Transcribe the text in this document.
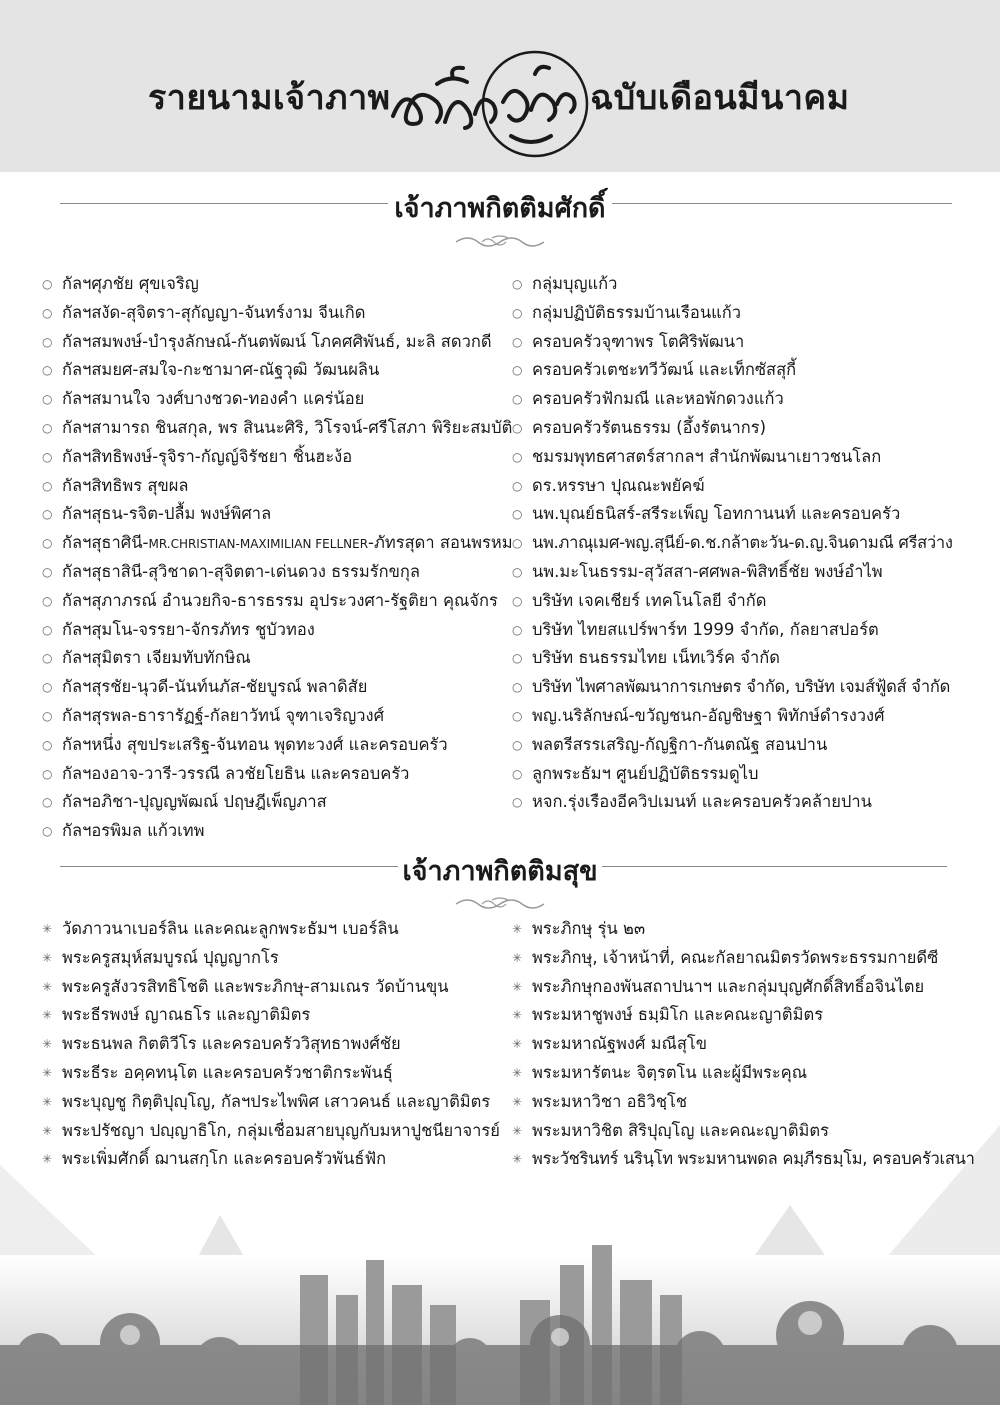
รายนามเจ้าภาพ	ฉบับเดือนมีนาคม
เจ้าภาพกิตติมศักดิ์
○ กัลฯศุภชัย ศุขเจริญ
○ กัลฯสงัด-สุจิตรา-สุกัญญา-จันทร์งาม จีนเกิด
○ กัลฯสมพงษ์-บำรุงลักษณ์-กันตพัฒน์ โภคศศิพันธ์, มะลิ สดวกดี
○ กัลฯสมยศ-สมใจ-กะชามาศ-ณัฐวุฒิ วัฒนผลิน
○ กัลฯสมานใจ วงศ์บางชวด-ทองคำ แคร่น้อย
○ กัลฯสามารถ ชินสกุล, พร สินนะศิริ, วิโรจน์-ศรีโสภา พิริยะสมบัติ
○ กัลฯสิทธิพงษ์-รุจิรา-กัญญ์จิรัชยา ชิ้นฮะง้อ
○ กัลฯสิทธิพร สุขผล
○ กัลฯสุธน-รจิต-ปลื้ม พงษ์พิศาล
○ กัลฯสุธาศินี-MR.CHRISTIAN-MAXIMILIAN FELLNER-ภัทรสุดา สอนพรหม
○ กัลฯสุธาสินี-สุวิชาดา-สุจิตตา-เด่นดวง ธรรมรักขกุล
○ กัลฯสุภาภรณ์ อำนวยกิจ-ธารธรรม อุประวงศา-รัฐติยา คุณจักร
○ กัลฯสุมโน-จรรยา-จักรภัทร ชูบัวทอง
○ กัลฯสุมิตรา เจียมทับทักษิณ
○ กัลฯสุรชัย-นุวดี-นันท์นภัส-ชัยบูรณ์ พลาดิสัย
○ กัลฯสุรพล-ธารารัฏฐ์-กัลยาวัทน์ จุฑาเจริญวงศ์
○ กัลฯหนึ่ง สุขประเสริฐ-จันทอน พุดทะวงศ์ และครอบครัว
○ กัลฯองอาจ-วารี-วรรณี ลวชัยโยธิน และครอบครัว
○ กัลฯอภิชา-ปุญญพัฒณ์ ปฤษฎีเพ็ญภาส
○ กัลฯอรพิมล แก้วเทพ
○ กลุ่มบุญแก้ว
○ กลุ่มปฏิบัติธรรมบ้านเรือนแก้ว
○ ครอบครัวจุฑาพร โตศิริพัฒนา
○ ครอบครัวเตชะทวีวัฒน์ และเท็กซัสสุกี้
○ ครอบครัวฟักมณี และหอพักดวงแก้ว
○ ครอบครัวรัตนธรรม (อึ้งรัตนากร)
○ ชมรมพุทธศาสตร์สากลฯ สำนักพัฒนาเยาวชนโลก
○ ดร.หรรษา ปุณณะพยัคฆ์
○ นพ.บุณย์ธนิสร์-สรีระเพ็ญ โอทกานนท์ และครอบครัว
○ นพ.ภาณุเมศ-พญ.สุนีย์-ด.ช.กล้าตะวัน-ด.ญ.จินดามณี ศรีสว่าง
○ นพ.มะโนธรรม-สุวัสสา-ศศพล-พิสิทธิ์ชัย พงษ์อำไพ
○ บริษัท เจคเชียร์ เทคโนโลยี จำกัด
○ บริษัท ไทยสแปร์พาร์ท 1999 จำกัด, กัลยาสปอร์ต
○ บริษัท ธนธรรมไทย เน็ทเวิร์ค จำกัด
○ บริษัท ไพศาลพัฒนาการเกษตร จำกัด, บริษัท เจมส์ฟู้ดส์ จำกัด
○ พญ.นริลักษณ์-ขวัญชนก-อัญชิษฐา พิทักษ์ดำรงวงศ์
○ พลตรีสรรเสริญ-กัญฐิกา-กันตณัฐ สอนปาน
○ ลูกพระธัมฯ ศูนย์ปฏิบัติธรรมดูไบ
○ หจก.รุ่งเรืองอีควิปเมนท์ และครอบครัวคล้ายปาน
เจ้าภาพกิตติมสุข
✳ วัดภาวนาเบอร์ลิน และคณะลูกพระธัมฯ เบอร์ลิน
✳ พระครูสมุห์สมบูรณ์ ปุญญากโร
✳ พระครูสังวรสิทธิโชติ และพระภิกษุ-สามเณร วัดบ้านขุน
✳ พระธีรพงษ์ ญาณธโร และญาติมิตร
✳ พระธนพล กิตติวีโร และครอบครัววิสุทธาพงศ์ชัย
✳ พระธีระ อคฺคทนฺโต และครอบครัวชาติกระพันธุ์
✳ พระบุญชู กิตฺติปุญฺโญ, กัลฯประไพพิศ เสาวคนธ์ และญาติมิตร
✳ พระปรัชญา ปญฺญาธิโก, กลุ่มเชื่อมสายบุญกับมหาปูชนียาจารย์
✳ พระเพิ่มศักดิ์ ฌานสกฺโก และครอบครัวพันธ์ฟัก
✳ พระภิกษุ รุ่น ๒๓
✳ พระภิกษุ, เจ้าหน้าที่, คณะกัลยาณมิตรวัดพระธรรมกายดีซี
✳ พระภิกษุกองพันสถาปนาฯ และกลุ่มบุญศักดิ์สิทธิ์อจินไตย
✳ พระมหาชูพงษ์ ธมฺมิโก และคณะญาติมิตร
✳ พระมหาณัฐพงศ์ มณีสุโข
✳ พระมหารัตนะ จิตฺรตโน และผู้มีพระคุณ
✳ พระมหาวิชา อธิวิชฺโช
✳ พระมหาวิชิต สิริปุญฺโญ และคณะญาติมิตร
✳ พระวัชรินทร์ นรินฺโท พระมหานพดล คมฺภีรธมฺโม, ครอบครัวเสนา
